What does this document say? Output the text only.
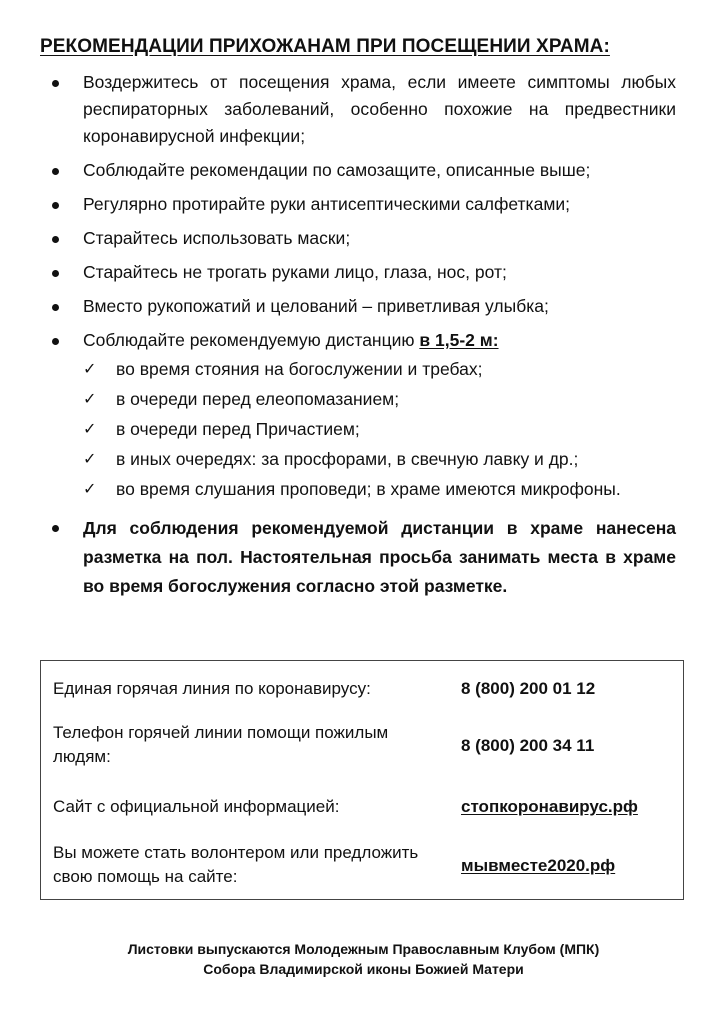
РЕКОМЕНДАЦИИ ПРИХОЖАНАМ ПРИ ПОСЕЩЕНИИ ХРАМА:
Воздержитесь от посещения храма, если имеете симптомы любых респираторных заболеваний, особенно похожие на предвестники коронавирусной инфекции;
Соблюдайте рекомендации по самозащите, описанные выше;
Регулярно протирайте руки антисептическими салфетками;
Старайтесь использовать маски;
Старайтесь не трогать руками лицо, глаза, нос, рот;
Вместо рукопожатий и целований – приветливая улыбка;
Соблюдайте рекомендуемую дистанцию в 1,5-2 м:
✓ во время стояния на богослужении и требах;
✓ в очереди перед елеопомазанием;
✓ в очереди перед Причастием;
✓ в иных очередях: за просфорами, в свечную лавку и др.;
✓ во время слушания проповеди; в храме имеются микрофоны.
Для соблюдения рекомендуемой дистанции в храме нанесена разметка на пол. Настоятельная просьба занимать места в храме во время богослужения согласно этой разметке.
Единая горячая линия по коронавирусу:	8 (800) 200 01 12
Телефон горячей линии помощи пожилым людям:
8 (800) 200 34 11
Сайт с официальной информацией:	стопкоронавирус.рф
Вы можете стать волонтером или предложить свою помощь на сайте:
мывместе2020.рф
Листовки выпускаются Молодежным Православным Клубом (МПК)
Собора Владимирской иконы Божией Матери
